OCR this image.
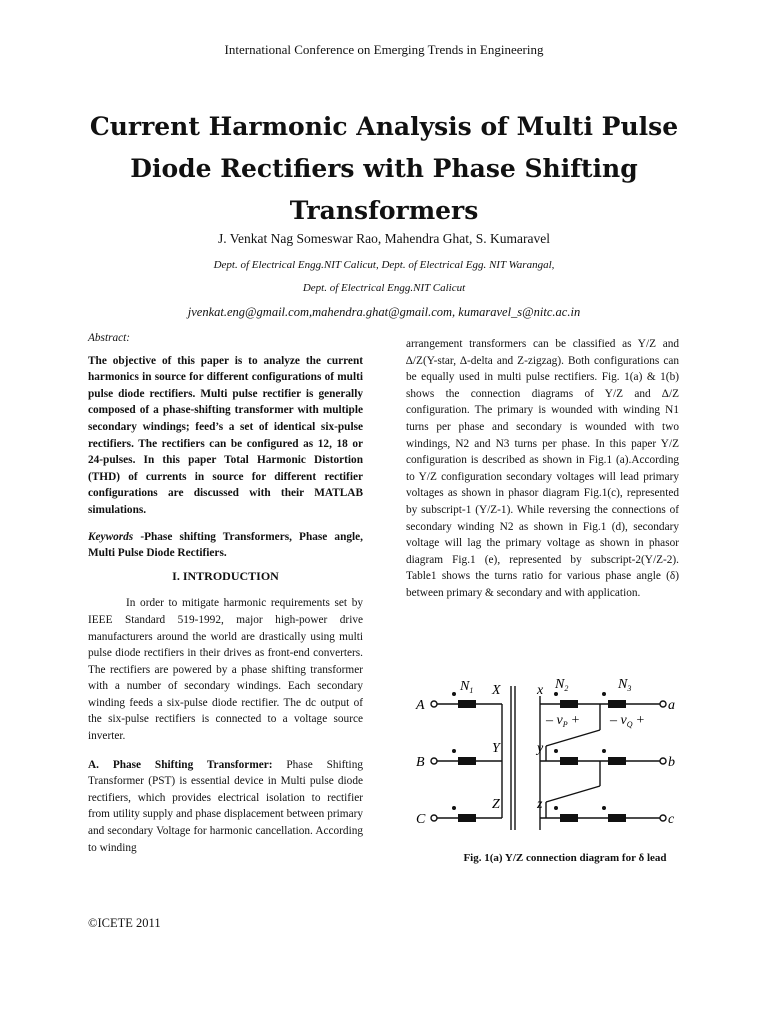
International Conference on Emerging Trends in Engineering
Current Harmonic Analysis of Multi Pulse Diode Rectifiers with Phase Shifting Transformers
J. Venkat Nag Someswar Rao, Mahendra Ghat, S. Kumaravel
Dept. of Electrical Engg.NIT Calicut, Dept. of Electrical Egg. NIT Warangal,
Dept. of Electrical Engg.NIT Calicut
jvenkat.eng@gmail.com,mahendra.ghat@gmail.com, kumaravel_s@nitc.ac.in
Abstract:
The objective of this paper is to analyze the current harmonics in source for different configurations of multi pulse diode rectifiers. Multi pulse rectifier is generally composed of a phase-shifting transformer with multiple secondary windings; feed’s a set of identical six-pulse rectifiers. The rectifiers can be configured as 12, 18 or 24-pulses. In this paper Total Harmonic Distortion (THD) of currents in source for different rectifier configurations are discussed with their MATLAB simulations.
Keywords -Phase shifting Transformers, Phase angle, Multi Pulse Diode Rectifiers.
I. INTRODUCTION
In order to mitigate harmonic requirements set by IEEE Standard 519-1992, major high-power drive manufacturers around the world are drastically using multi pulse diode rectifiers in their drives as front-end converters. The rectifiers are powered by a phase shifting transformer with a number of secondary windings. Each secondary winding feeds a six-pulse diode rectifier. The dc output of the six-pulse rectifiers is connected to a voltage source inverter.
A. Phase Shifting Transformer: Phase Shifting Transformer (PST) is essential device in Multi pulse diode rectifiers, which provides electrical isolation to rectifier from utility supply and phase displacement between primary and secondary Voltage for harmonic cancellation. According to winding
arrangement transformers can be classified as Y/Z and ∆/Z(Y-star, ∆-delta and Z-zigzag). Both configurations can be equally used in multi pulse rectifiers. Fig. 1(a) & 1(b) shows the connection diagrams of Y/Z and ∆/Z configuration. The primary is wounded with winding N1 turns per phase and secondary is wounded with two windings, N2 and N3 turns per phase. In this paper Y/Z configuration is described as shown in Fig.1 (a).According to Y/Z configuration secondary voltages will lead primary voltages as shown in phasor diagram Fig.1(c), represented by subscript-1 (Y/Z-1). While reversing the connections of secondary winding N2 as shown in Fig.1 (d), secondary voltage will lag the primary voltage as shown in phasor diagram Fig.1 (e), represented by subscript-2(Y/Z-2). Table1 shows the turns ratio for various phase angle (δ) between primary & secondary and with application.
A
B
C
$N_1$ X
Y
Z
x
y
z
$N_2$	$N_3$
– $v_P$ + – $v_Q$ +
a
b
c
Fig. 1(a) Y/Z connection diagram for δ lead
©ICETE 2011
